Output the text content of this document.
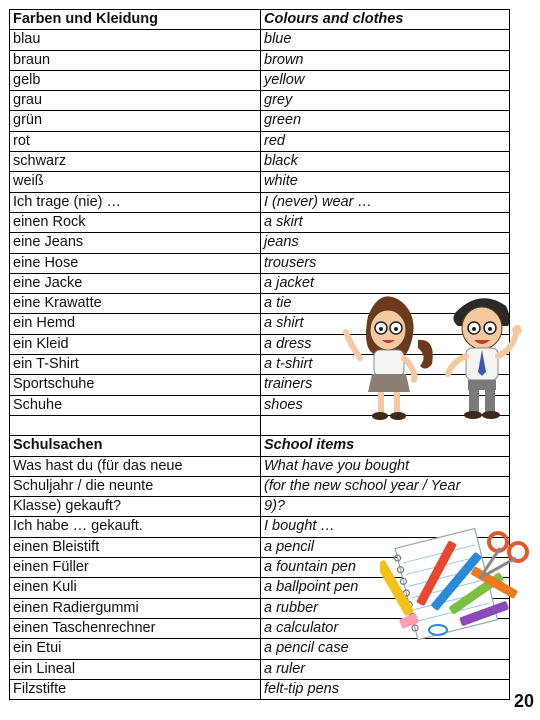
Farben und Kleidung	Colours and clothes
blau	blue
braun	brown
gelb	yellow
grau	grey
grün	green
rot	red
schwarz	black
weiß	white
Ich trage (nie) …	I (never) wear …
einen Rock	a skirt
eine Jeans	jeans
eine Hose	trousers
eine Jacke	a jacket
eine Krawatte	a tie
ein Hemd	a shirt
ein Kleid	a dress
ein T-Shirt	a t-shirt
Sportschuhe	trainers
Schuhe	shoes

Schulsachen	School items
Was hast du (für das neue	What have you bought
Schuljahr / die neunte	(for the new school year / Year
Klasse) gekauft?	9)?
Ich habe … gekauft.	I bought …
einen Bleistift	a pencil
einen Füller	a fountain pen
einen Kuli	a ballpoint pen
einen Radiergummi	a rubber
einen Taschenrechner	a calculator
ein Etui	a pencil case
ein Lineal	a ruler
Filzstifte	felt-tip pens
20
